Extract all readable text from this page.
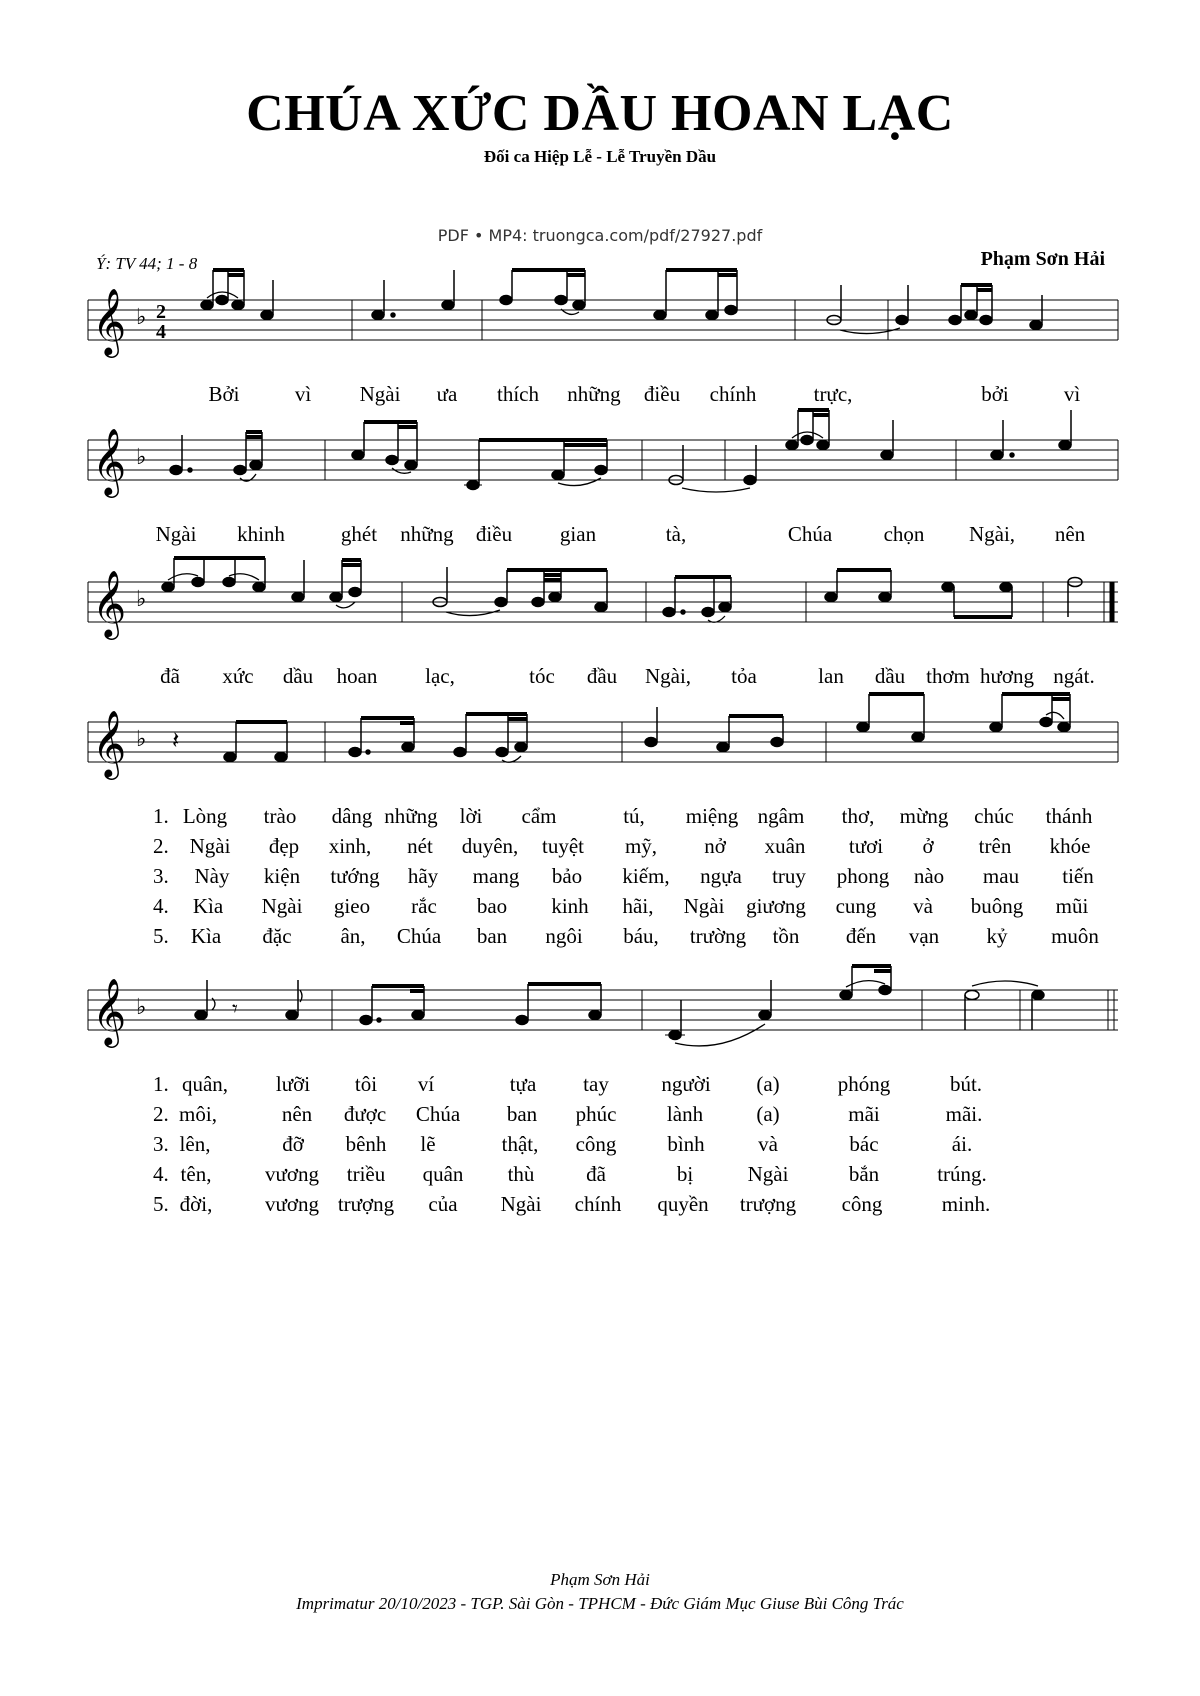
CHÚA XỨC DẦU HOAN LẠC
Đối ca Hiệp Lễ - Lễ Truyền Dầu
PDF • MP4: truongca.com/pdf/27927.pdf
Ý: TV 44; 1 - 8	Phạm Sơn Hải
𝄞 ♭ 2
4
Bởi	vì Ngài ưa thích những điều chính	trực,	bởi	vì
𝄞 ♭
Ngài khinh	ghét những điều gian	tà,	Chúa chọn Ngài, nên
𝄞 ♭
đã xức dầu hoan lạc,	tóc đầu Ngài, tỏa	lan dầu thơm hương ngát.
𝄞 ♭ 𝄽
1. Lòng trào dâng những lời cẩm	tú, miệng ngâm thơ, mừng chúc thánh
2. Ngài đẹp xinh, nét duyên, tuyệt mỹ, nở xuân tươi ở trên khóe
3. Này kiện tướng hãy mang bảo kiếm, ngựa truy phong nào mau tiến
4. Kìa Ngài gieo rắc bao kinh hãi, Ngài giương cung và buông mũi
5. Kìa đặc ân, Chúa ban ngôi báu, trường tồn đến vạn kỷ muôn
𝄞 ♭	𝄾
1. quân, lưỡi tôi ví	tựa tay	người (a)	phóng	bút.
2. môi,	nên được Chúa ban phúc lành	(a)	mãi	mãi.
3. lên,	đỡ bênh lẽ	thật, công bình	và	bác	ái.
4. tên,	vương triều quân thù đã	bị	Ngài	bắn	trúng.
5. đời,	vương trượng của Ngài chính quyền trượng công	minh.
Phạm Sơn Hải
Imprimatur 20/10/2023 - TGP. Sài Gòn - TPHCM - Đức Giám Mục Giuse Bùi Công Trác
